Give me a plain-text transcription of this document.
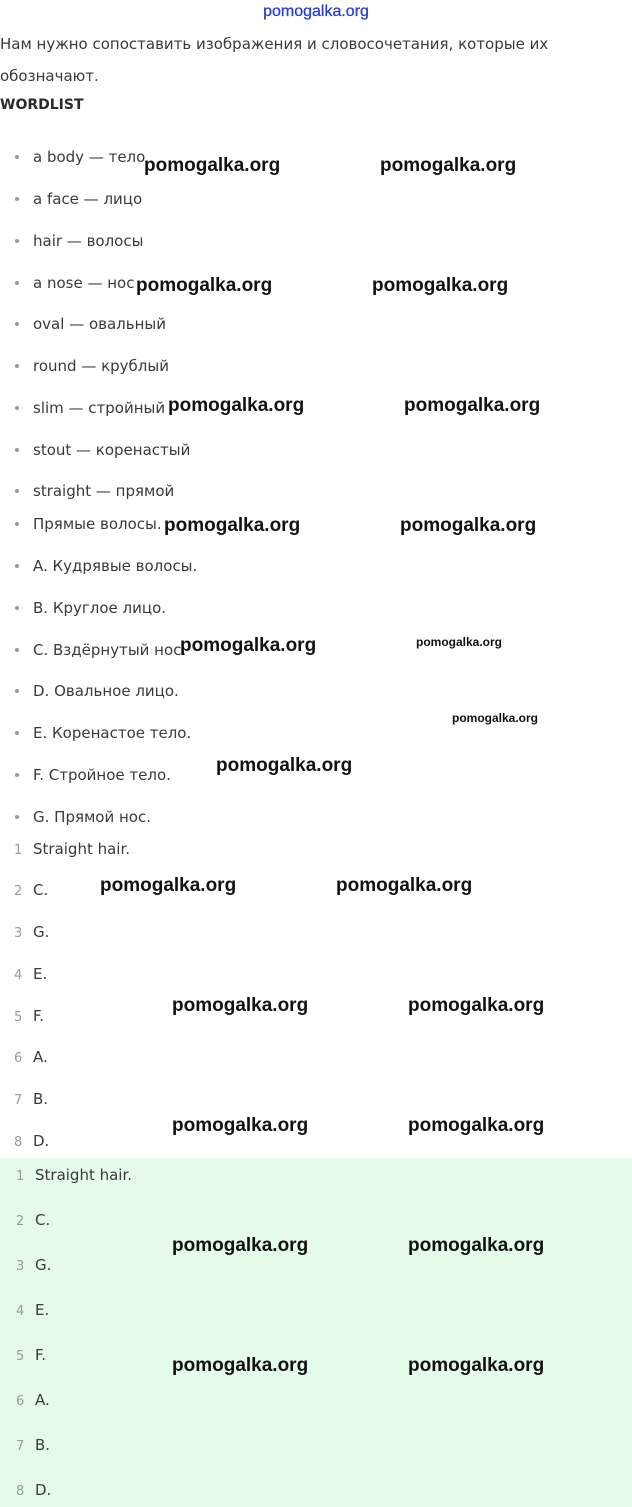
pomogalka.org

Нам нужно сопоставить изображения и словосочетания, которые их

обозначают.

WORDLIST
a body — тело
a face — лицо
hair — волосы
a nose — нос
oval — овальный
round — крублый
slim — стройный
stout — коренастый
straight — прямой
Прямые волосы.
A. Кудрявые волосы.
B. Круглое лицо.
C. Вздёрнутый нос.
D. Овальное лицо.
E. Коренастое тело.
F. Стройное тело.
G. Прямой нос.
1 Straight hair.
2 C.
3 G.
4 E.
5 F.
6 A.
7 B.
8 D.
1 Straight hair.
2 C.
3 G.
4 E.
5 F.
6 A.
7 B.
8 D.
pomogalka.org	pomogalka.org
pomogalka.org	pomogalka.org
pomogalka.org	pomogalka.org
pomogalka.org	pomogalka.org
pomogalka.org	pomogalka.org
pomogalka.org
pomogalka.org
pomogalka.org	pomogalka.org
pomogalka.org	pomogalka.org
pomogalka.org	pomogalka.org
pomogalka.org	pomogalka.org
pomogalka.org	pomogalka.org
